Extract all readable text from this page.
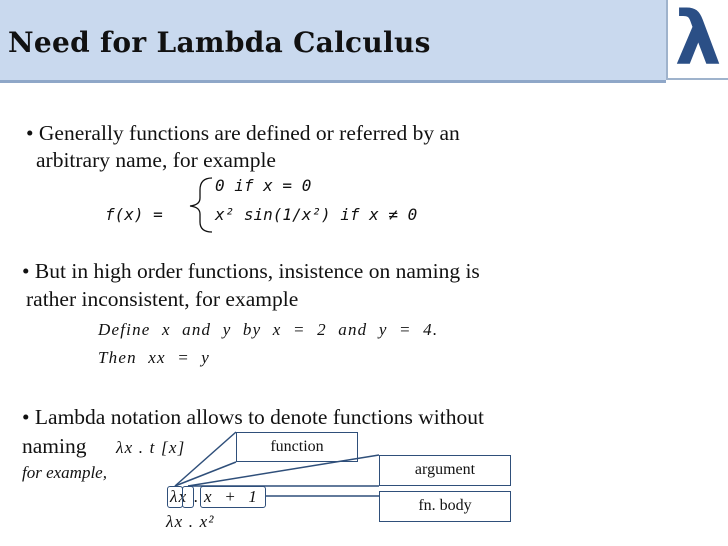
Need for Lambda Calculus	λ
• Generally functions are defined or referred by an
arbitrary name, for example
0 if x = 0
f(x) =	x² sin(1/x²) if x ≠ 0
• But in high order functions, insistence on naming is
rather inconsistent, for example
Define x and y by x = 2 and y = 4.
Then xx = y
• Lambda notation allows to denote functions without
naming λx . t [x]
for example,
λx . x + 1
λx . x²
function
argument
fn. body
